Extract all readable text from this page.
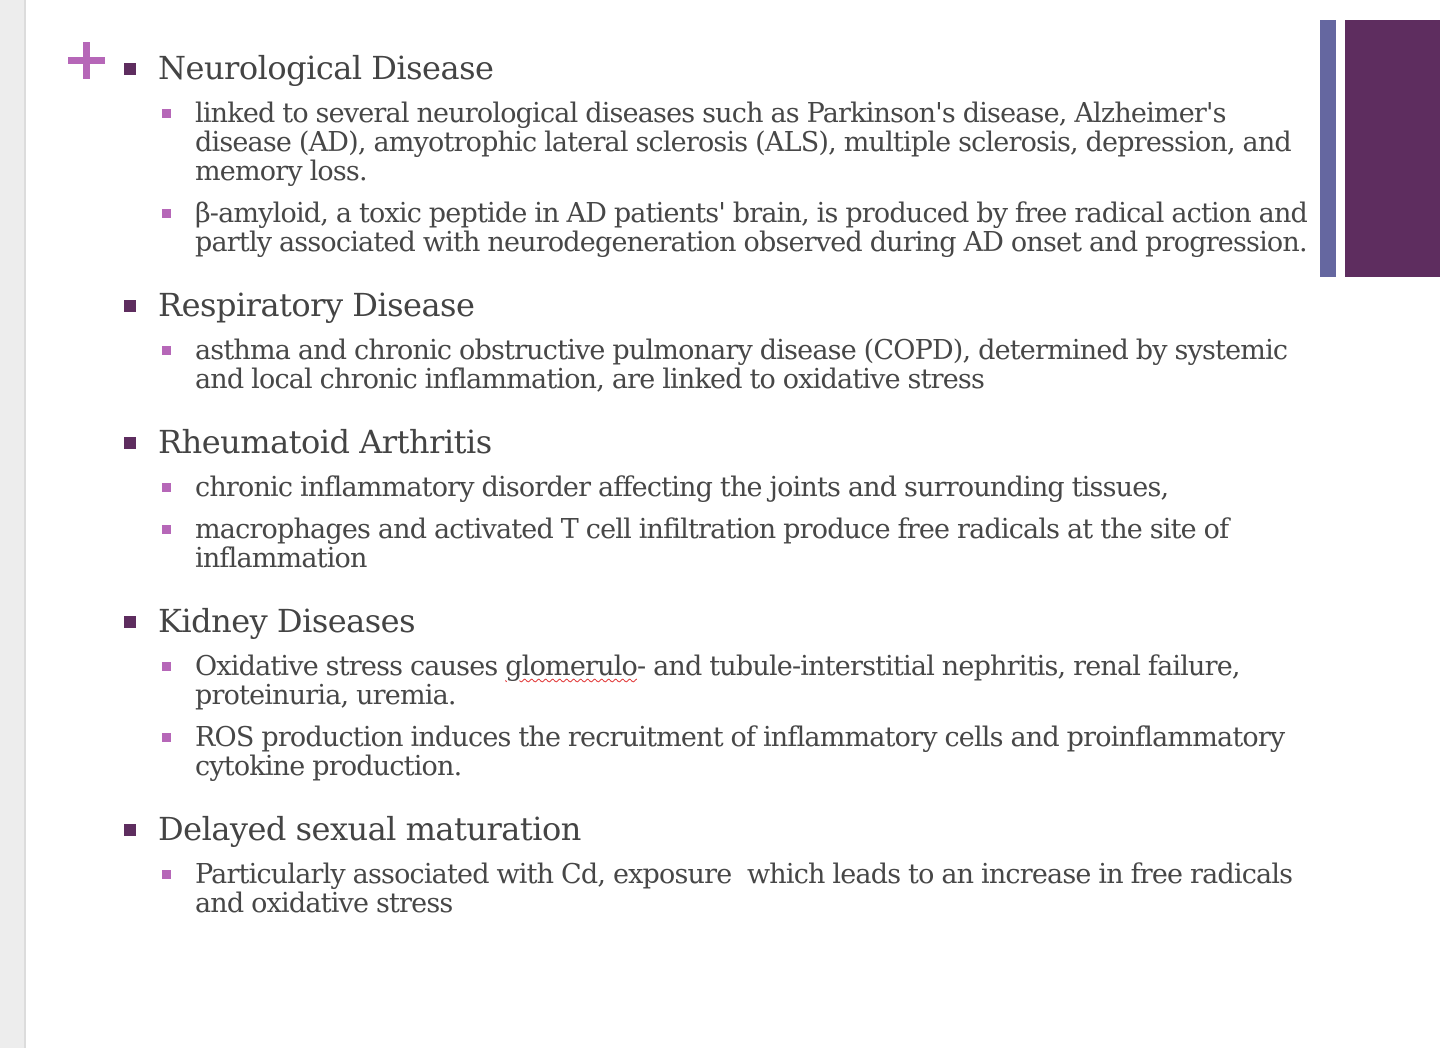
Neurological Disease
linked to several neurological diseases such as Parkinson's disease, Alzheimer's disease (AD), amyotrophic lateral sclerosis (ALS), multiple sclerosis, depression, and memory loss.
β-amyloid, a toxic peptide in AD patients' brain, is produced by free radical action and partly associated with neurodegeneration observed during AD onset and progression.
Respiratory Disease
asthma and chronic obstructive pulmonary disease (COPD), determined by systemic and local chronic inflammation, are linked to oxidative stress
Rheumatoid Arthritis
chronic inflammatory disorder affecting the joints and surrounding tissues,
macrophages and activated T cell infiltration produce free radicals at the site of inflammation
Kidney Diseases
Oxidative stress causes glomerulo- and tubule-interstitial nephritis, renal failure, proteinuria, uremia.
ROS production induces the recruitment of inflammatory cells and proinflammatory cytokine production.
Delayed sexual maturation
Particularly associated with Cd, exposure  which leads to an increase in free radicals and oxidative stress
